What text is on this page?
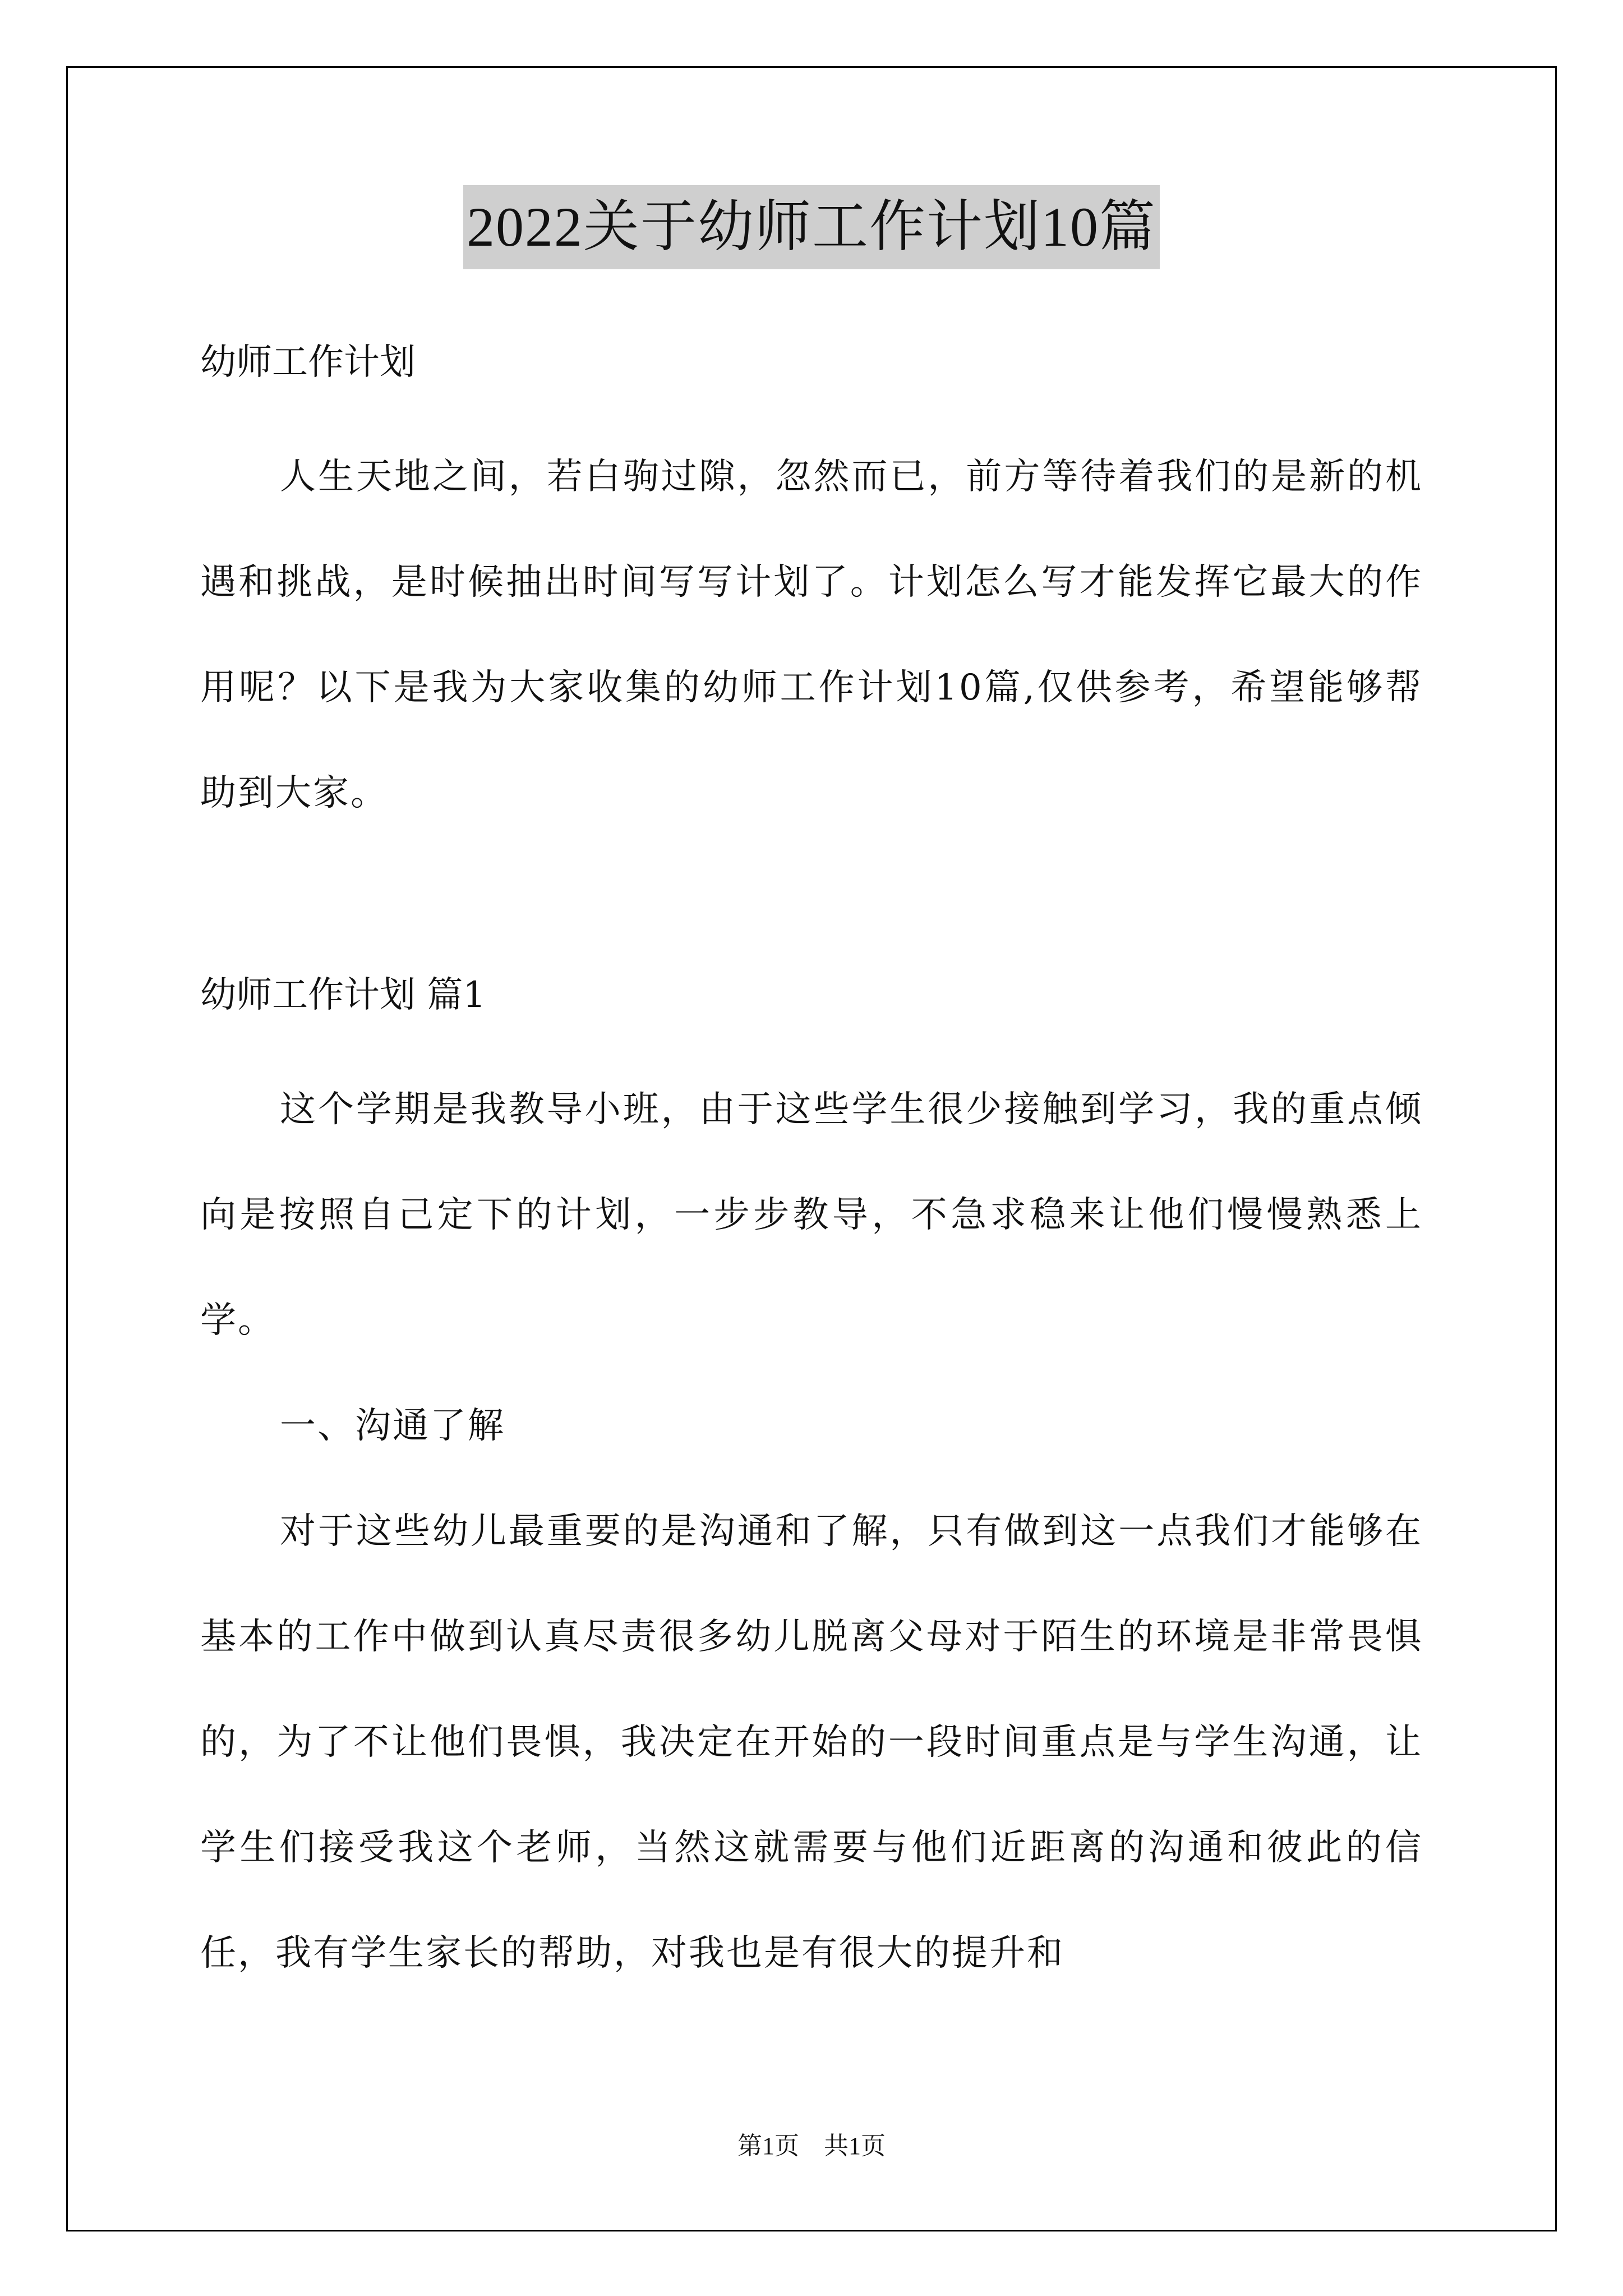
2022关于幼师工作计划10篇

幼师工作计划

人生天地之间，若白驹过隙，忽然而已，前方等待着我们的是新的机遇和挑战，是时候抽出时间写写计划了。计划怎么写才能发挥它最大的作用呢？以下是我为大家收集的幼师工作计划10篇,仅供参考，希望能够帮助到大家。

幼师工作计划 篇1

这个学期是我教导小班，由于这些学生很少接触到学习，我的重点倾向是按照自己定下的计划，一步步教导，不急求稳来让他们慢慢熟悉上学。

一、沟通了解

对于这些幼儿最重要的是沟通和了解，只有做到这一点我们才能够在基本的工作中做到认真尽责很多幼儿脱离父母对于陌生的环境是非常畏惧的，为了不让他们畏惧，我决定在开始的一段时间重点是与学生沟通，让学生们接受我这个老师，当然这就需要与他们近距离的沟通和彼此的信任，我有学生家长的帮助，对我也是有很大的提升和

第1页 共1页
